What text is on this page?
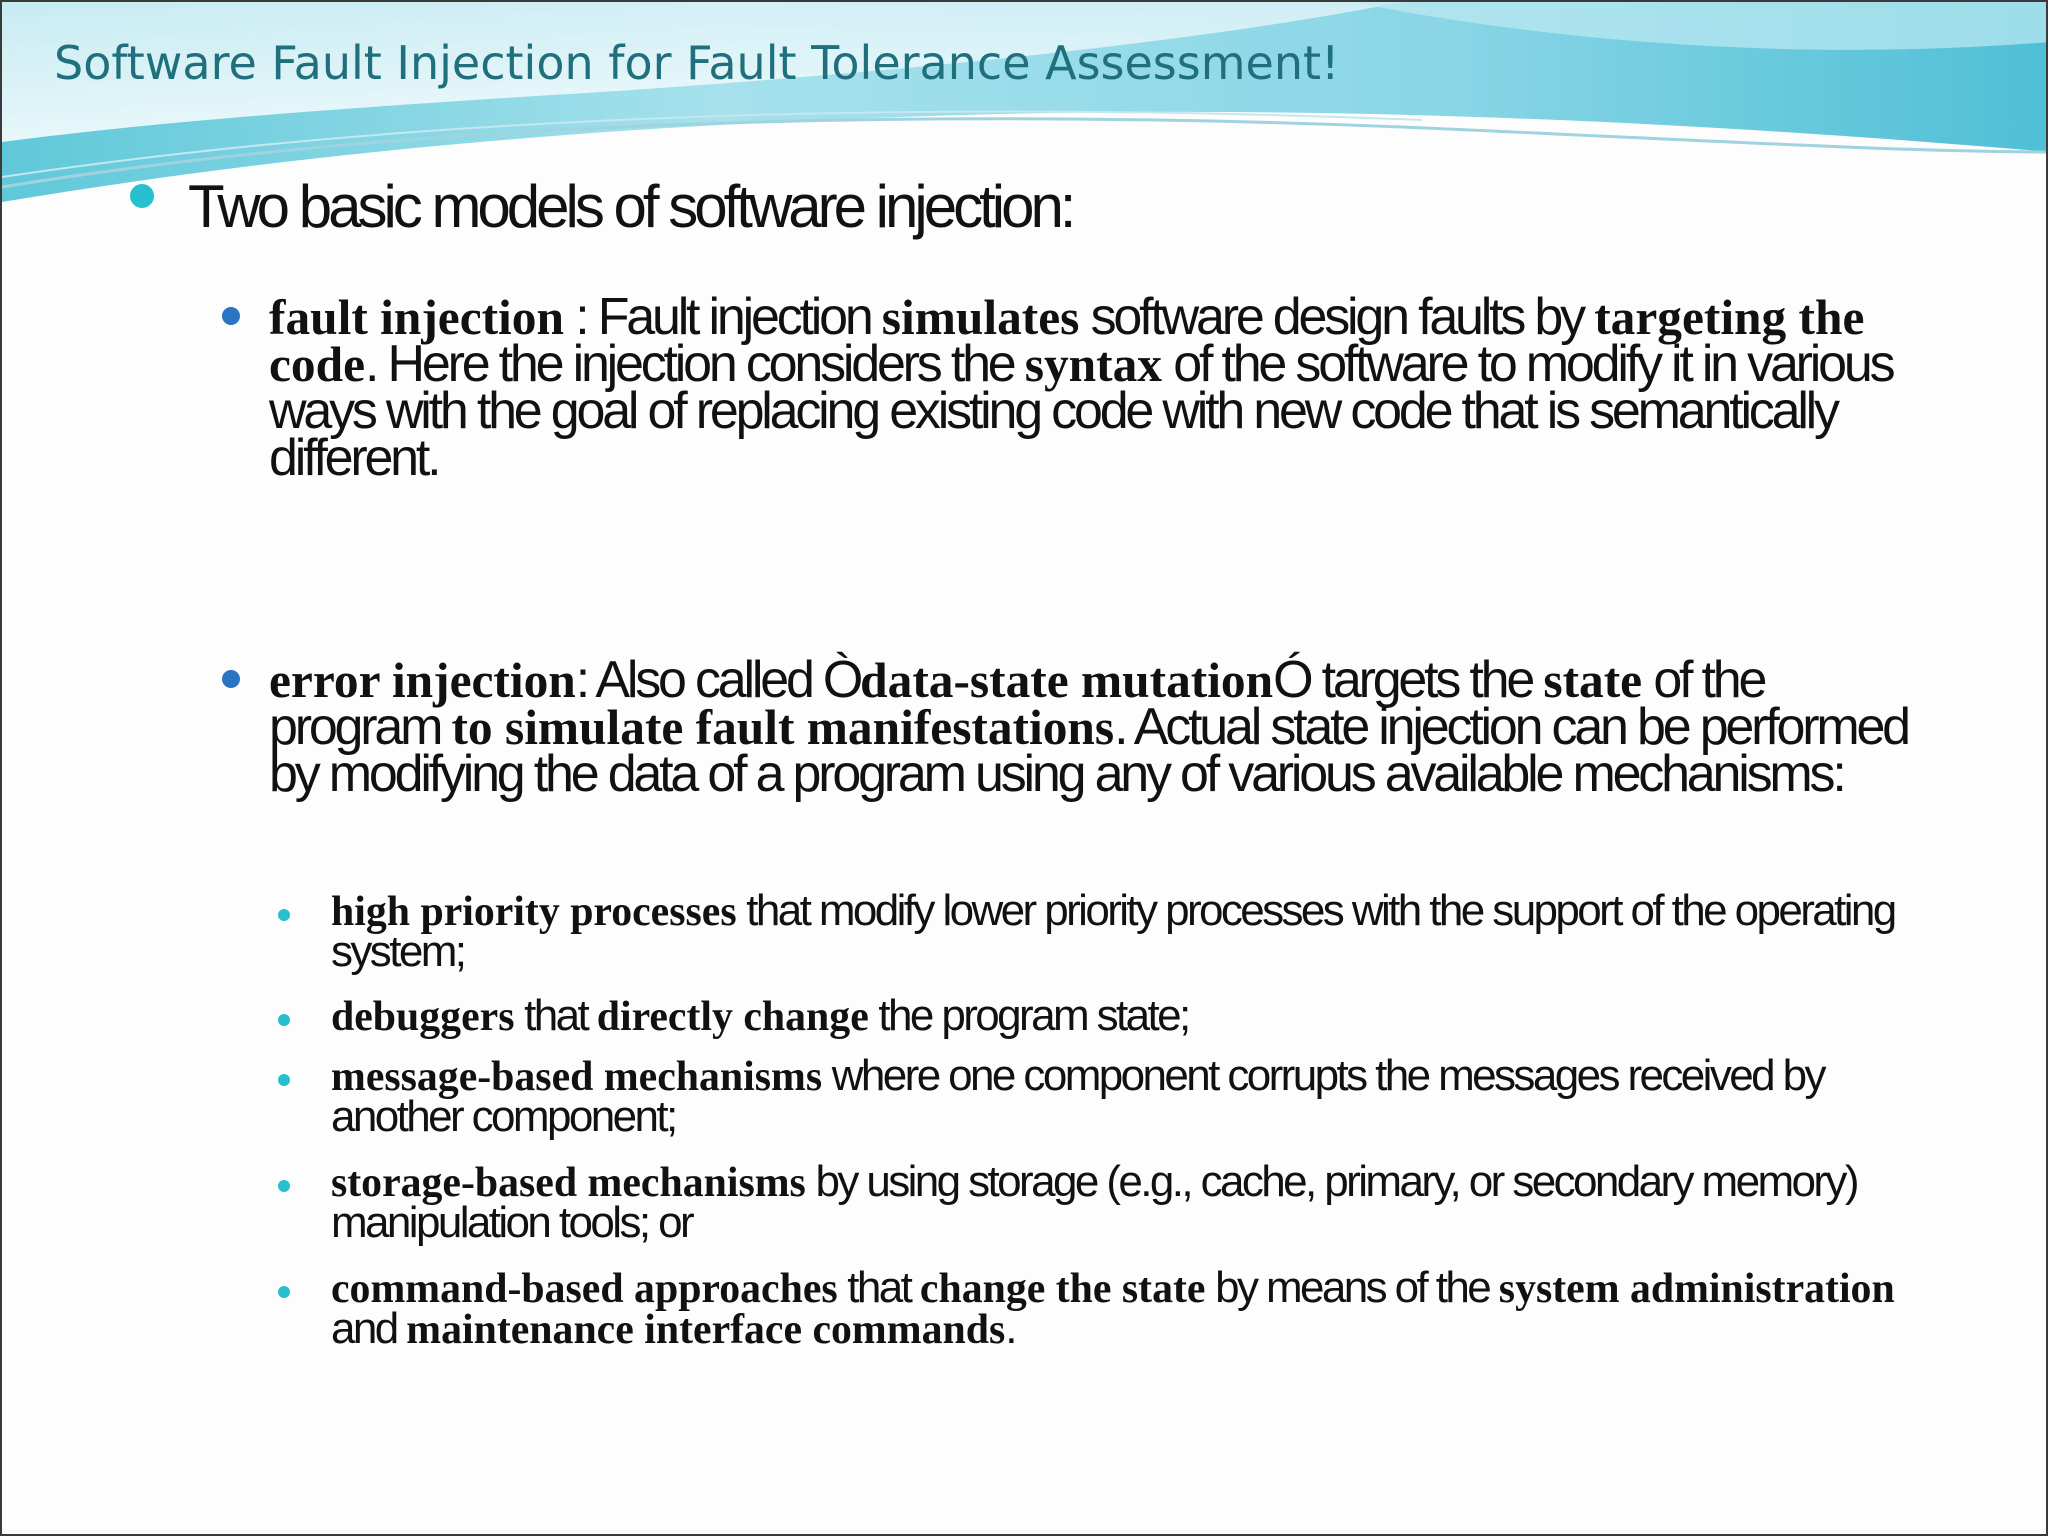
Software Fault Injection for Fault Tolerance Assessment!
Two basic models of software injection:
fault injection : Fault injection simulates software design faults by targeting the code. Here the injection considers the syntax of the software to modify it in various ways with the goal of replacing existing code with new code that is semantically different.
error injection: Also called Òdata-state mutationÓ targets the state of the program to simulate fault manifestations. Actual state injection can be performed by modifying the data of a program using any of various available mechanisms:
high priority processes that modify lower priority processes with the support of the operating system;
debuggers that directly change the program state;
message-based mechanisms where one component corrupts the messages received by another component;
storage-based mechanisms by using storage (e.g., cache, primary, or secondary memory) manipulation tools; or
command-based approaches that change the state by means of the system administration and maintenance interface commands.
